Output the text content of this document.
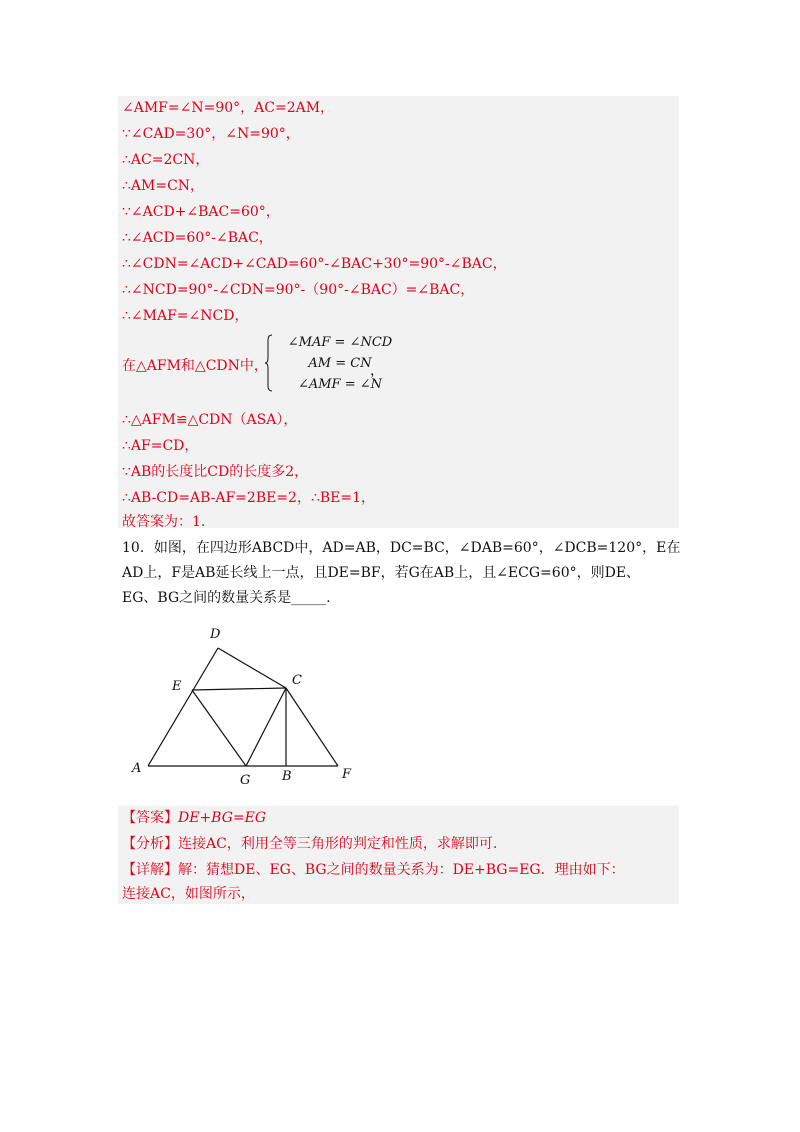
∠AMF=∠N=90°，AC=2AM，
∵∠CAD=30°，∠N=90°，
∴AC=2CN，
∴AM=CN，
∵∠ACD+∠BAC=60°，
∴∠ACD=60°-∠BAC，
∴∠CDN=∠ACD+∠CAD=60°-∠BAC+30°=90°-∠BAC，
∴∠NCD=90°-∠CDN=90°-（90°-∠BAC）=∠BAC，
∴∠MAF=∠NCD，
在△AFM和△CDN中，
∠MAF = ∠NCD
AM = CN
∠AMF = ∠N
，
∴△AFM≌△CDN（ASA），
∴AF=CD，
∵AB的长度比CD的长度多2，
∴AB-CD=AB-AF=2BE=2，∴BE=1，
故答案为：1.
10．如图，在四边形ABCD中，AD=AB，DC=BC，∠DAB=60°，∠DCB=120°，E在
AD上，F是AB延长线上一点，且DE=BF，若G在AB上，且∠ECG=60°，则DE、
EG、BG之间的数量关系是_____.
D
E	C
A
G B	F
【答案】DE+BG=EG
【分析】连接AC，利用全等三角形的判定和性质，求解即可.
【详解】解：猜想DE、EG、BG之间的数量关系为：DE+BG=EG．理由如下：
连接AC，如图所示，
